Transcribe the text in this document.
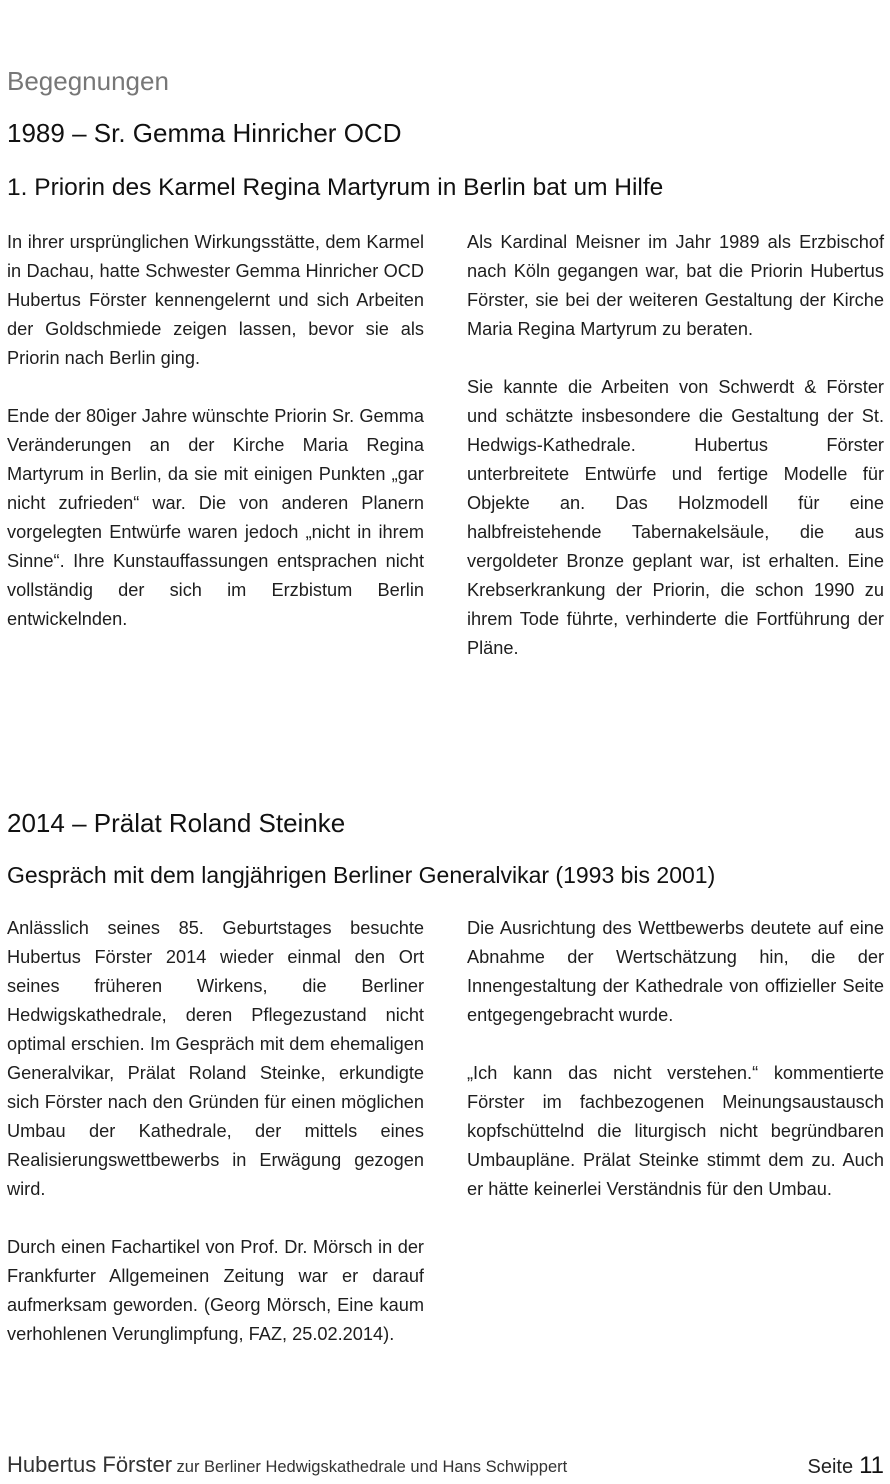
Begegnungen
1989 – Sr. Gemma Hinricher OCD
1. Priorin des Karmel Regina Martyrum in Berlin bat um Hilfe

In ihrer ursprünglichen Wirkungsstätte, dem Karmel in Dachau, hatte Schwester Gemma Hinricher OCD Hubertus Förster kennengelernt und sich Arbeiten der Goldschmiede zeigen lassen, bevor sie als Priorin nach Berlin ging.

Ende der 80iger Jahre wünschte Priorin Sr. Gemma Veränderungen an der Kirche Maria Regina Martyrum in Berlin, da sie mit einigen Punkten „gar nicht zufrieden“ war. Die von anderen Planern vorgelegten Entwürfe waren jedoch „nicht in ihrem Sinne“. Ihre Kunstauffassungen entsprachen nicht vollständig der sich im Erzbistum Berlin entwickelnden.

Als Kardinal Meisner im Jahr 1989 als Erzbischof nach Köln gegangen war, bat die Priorin Hubertus Förster, sie bei der weiteren Gestaltung der Kirche Maria Regina Martyrum zu beraten.

Sie kannte die Arbeiten von Schwerdt & Förster und schätzte insbesondere die Gestaltung der St. Hedwigs-Kathedrale. Hubertus Förster unterbreitete Entwürfe und fertige Modelle für Objekte an. Das Holzmodell für eine halbfreistehende Tabernakelsäule, die aus vergoldeter Bronze geplant war, ist erhalten. Eine Krebserkrankung der Priorin, die schon 1990 zu ihrem Tode führte, verhinderte die Fortführung der Pläne.

2014 – Prälat Roland Steinke
Gespräch mit dem langjährigen Berliner Generalvikar (1993 bis 2001)

Anlässlich seines 85. Geburtstages besuchte Hubertus Förster 2014 wieder einmal den Ort seines früheren Wirkens, die Berliner Hedwigskathedrale, deren Pflegezustand nicht optimal erschien. Im Gespräch mit dem ehemaligen Generalvikar, Prälat Roland Steinke, erkundigte sich Förster nach den Gründen für einen möglichen Umbau der Kathedrale, der mittels eines Realisierungswettbewerbs in Erwägung gezogen wird.

Durch einen Fachartikel von Prof. Dr. Mörsch in der Frankfurter Allgemeinen Zeitung war er darauf aufmerksam geworden. (Georg Mörsch, Eine kaum verhohlenen Verunglimpfung, FAZ, 25.02.2014).

Die Ausrichtung des Wettbewerbs deutete auf eine Abnahme der Wertschätzung hin, die der Innengestaltung der Kathedrale von offizieller Seite entgegengebracht wurde.

„Ich kann das nicht verstehen.“ kommentierte Förster im fachbezogenen Meinungsaustausch kopfschüttelnd die liturgisch nicht begründbaren Umbaupläne. Prälat Steinke stimmt dem zu. Auch er hätte keinerlei Verständnis für den Umbau.

Hubertus Förster zur Berliner Hedwigskathedrale und Hans Schwippert	Seite 11
